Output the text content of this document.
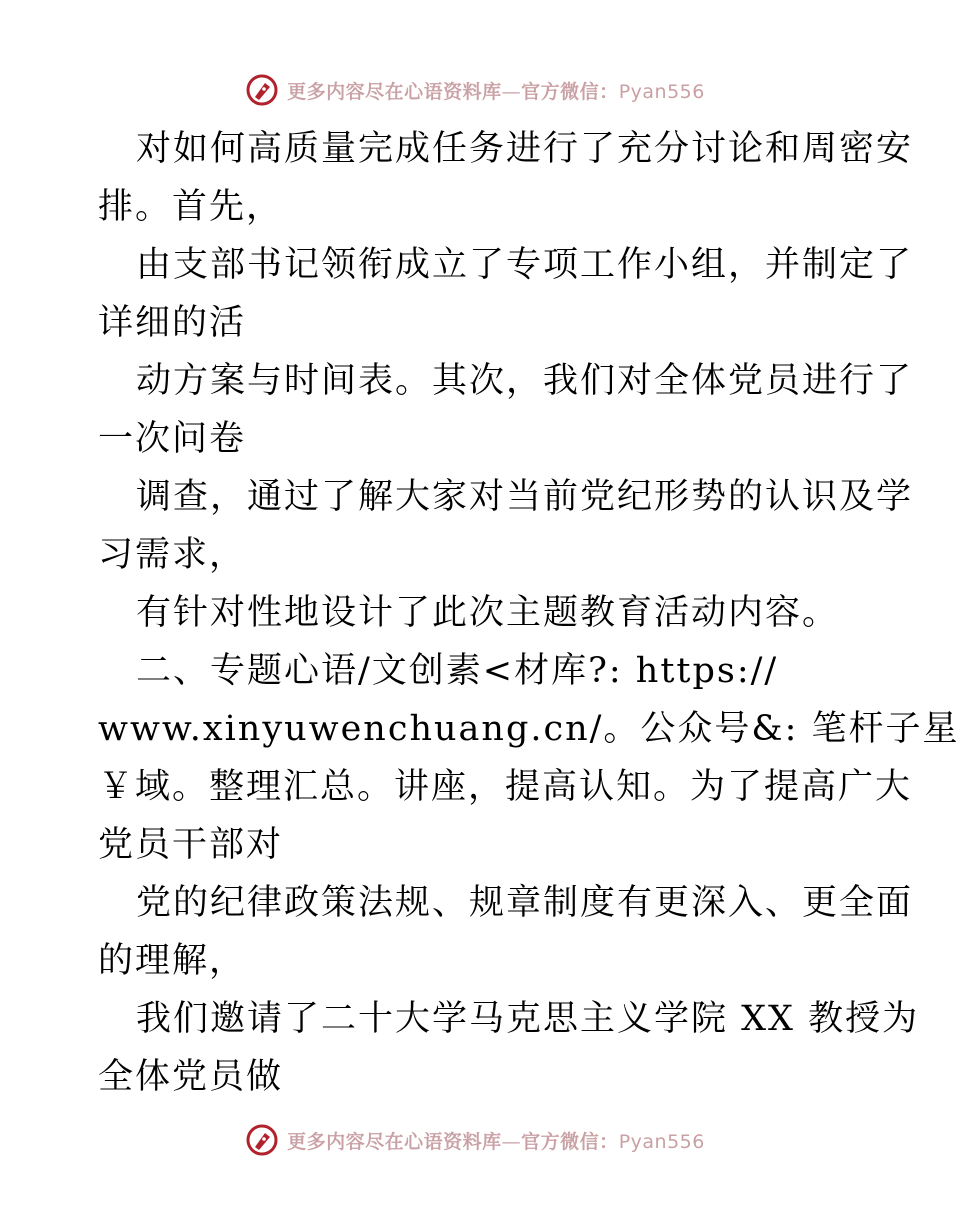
更多内容尽在心语资料库—官方微信：Pyan556
对如何高质量完成任务进行了充分讨论和周密安
排。首先，
由支部书记领衔成立了专项工作小组，并制定了
详细的活
动方案与时间表。其次，我们对全体党员进行了
一次问卷
调查，通过了解大家对当前党纪形势的认识及学
习需求，
有针对性地设计了此次主题教育活动内容。
二、专题心语/文创素<材库?: https://
www.xinyuwenchuang.cn/。公众号&: 笔杆子星
￥域。整理汇总。讲座，提高认知。为了提高广大
党员干部对
党的纪律政策法规、规章制度有更深入、更全面
的理解，
我们邀请了二十大学马克思主义学院 XX 教授为
全体党员做
更多内容尽在心语资料库—官方微信：Pyan556
